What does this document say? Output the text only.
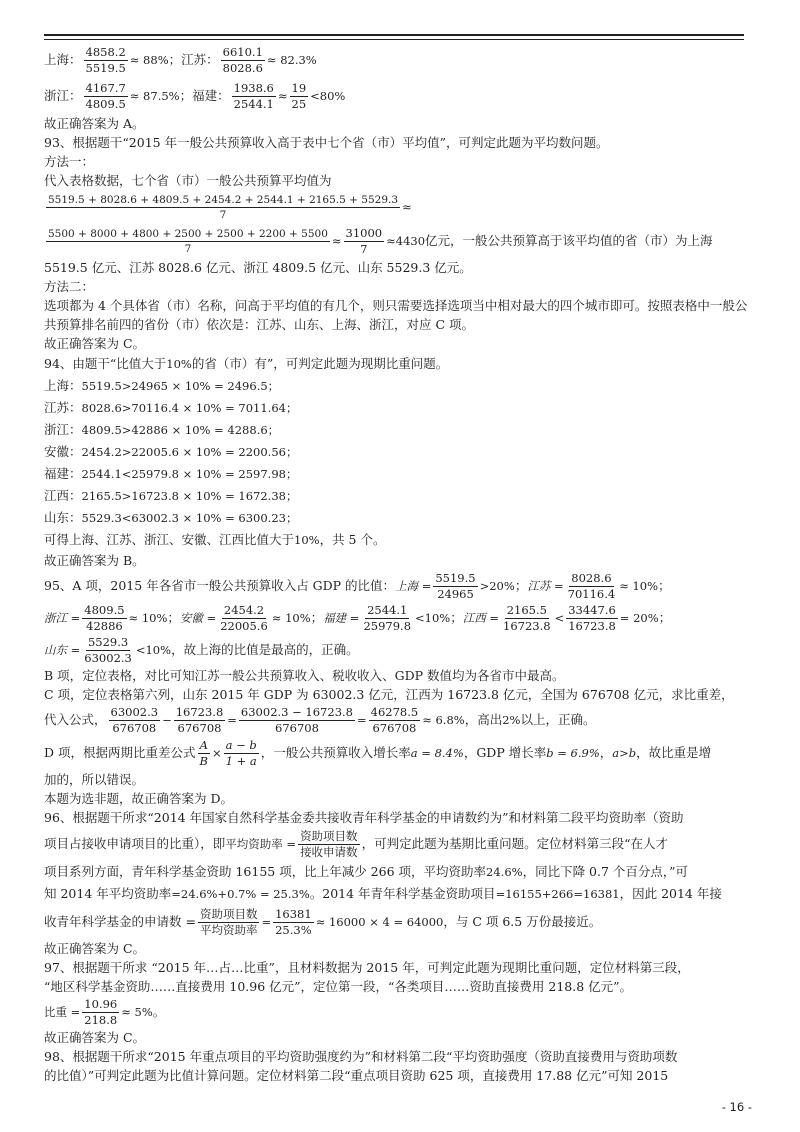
上海： $\frac{4858.2}{5519.5} \approx 88\%$；江苏： $\frac{6610.1}{8028.6} \approx 82.3\%$
浙江： $\frac{4167.7}{4809.5} \approx 87.5\%$；福建： $\frac{1938.6}{2544.1} \approx \frac{19}{25} <80\%$
故正确答案为 A。
93、根据题干“2015 年一般公共预算收入高于表中七个省（市）平均值”，可判定此题为平均数问题。
方法一：
代入表格数据，七个省（市）一般公共预算平均值为
$\frac{5519.5 + 8028.6 + 4809.5 + 2454.2 + 2544.1 + 2165.5 + 5529.3}{7}$ ≈
$\frac{5500 + 8000 + 4800 + 2500 + 2500 + 2200 + 5500}{7} \approx \frac{31000}{7} \approx 4430$亿元，一般公共预算高于该平均值的省（市）为上海
5519.5 亿元、江苏 8028.6 亿元、浙江 4809.5 亿元、山东 5529.3 亿元。
方法二：
选项都为 4 个具体省（市）名称，问高于平均值的有几个，则只需要选择选项当中相对最大的四个城市即可。按照表格中一般公共预算排名前四的省份（市）依次是：江苏、山东、上海、浙江，对应 C 项。
故正确答案为 C。
94、由题干“比值大于10%的省（市）有”，可判定此题为现期比重问题。
上海：5519.5>24965 × 10% = 2496.5；
江苏：8028.6>70116.4 × 10% = 7011.64；
浙江：4809.5>42886 × 10% = 4288.6；
安徽：2454.2>22005.6 × 10% = 2200.56；
福建：2544.1<25979.8 × 10% = 2597.98；
江西：2165.5>16723.8 × 10% = 1672.38；
山东：5529.3<63002.3 × 10% = 6300.23；
可得上海、江苏、浙江、安徽、江西比值大于10%，共 5 个。
故正确答案为 B。
95、A 项，2015 年各省市一般公共预算收入占 GDP 的比值：上海 = $\frac{5519.5}{24965} >20\%$；江苏 = $\frac{8028.6}{70116.4} \approx 10\%$；
浙江 = $\frac{4809.5}{42886} \approx 10\%$；安徽 = $\frac{2454.2}{22005.6} \approx 10\%$；福建 = $\frac{2544.1}{25979.8} <10\%$；江西 = $\frac{2165.5}{16723.8} < \frac{33447.6}{16723.8} = 20\%$；
山东 = $\frac{5529.3}{63002.3} <10\%$，故上海的比值是最高的，正确。
B 项，定位表格，对比可知江苏一般公共预算收入、税收收入、GDP 数值均为各省市中最高。
C 项，定位表格第六列，山东 2015 年 GDP 为 63002.3 亿元，江西为 16723.8 亿元，全国为 676708 亿元，求比重差，
代入公式， $\frac{63002.3}{676708} - \frac{16723.8}{676708} = \frac{63002.3 - 16723.8}{676708} = \frac{46278.5}{676708} \approx 6.8\%$，高出2%以上，正确。
D 项，根据两期比重差公式 $\frac{A}{B} \times \frac{a - b}{1 + a}$ ，一般公共预算收入增长率a = 8.4%，GDP 增长率b = 6.9%，a>b，故比重是增
加的，所以错误。
本题为选非题，故正确答案为 D。
96、根据题干所求“2014 年国家自然科学基金委共接收青年科学基金的申请数约为”和材料第二段平均资助率（资助
项目占接收申请项目的比重），即平均资助率 =
资助项目数
接收申请数
，可判定此题为基期比重问题。定位材料第三段“在人才
项目系列方面，青年科学基金资助 16155 项，比上年减少 266 项，平均资助率24.6%，同比下降 0.7 个百分点，”可
知 2014 年平均资助率=24.6%+0.7% = 25.3%。2014 年青年科学基金资助项目=16155+266=16381，因此 2014 年接
收青年科学基金的申请数 =
资助项目数
平均资助率
= $\frac{16381}{25.3\%} \approx 16000 \times 4 = 64000$，与 C 项 6.5 万份最接近。
故正确答案为 C。
97、根据题干所求 “2015 年…占…比重”，且材料数据为 2015 年，可判定此题为现期比重问题，定位材料第三段，
“地区科学基金资助……直接费用 10.96 亿元”，定位第一段，“各类项目……资助直接费用 218.8 亿元”。
比重 = $\frac{10.96}{218.8} \approx 5\%$。
故正确答案为 C。
98、根据题干所求“2015 年重点项目的平均资助强度约为”和材料第二段“平均资助强度（资助直接费用与资助项数
的比值）”可判定此题为比值计算问题。定位材料第二段“重点项目资助 625 项，直接费用 17.88 亿元”可知 2015
- 16 -
